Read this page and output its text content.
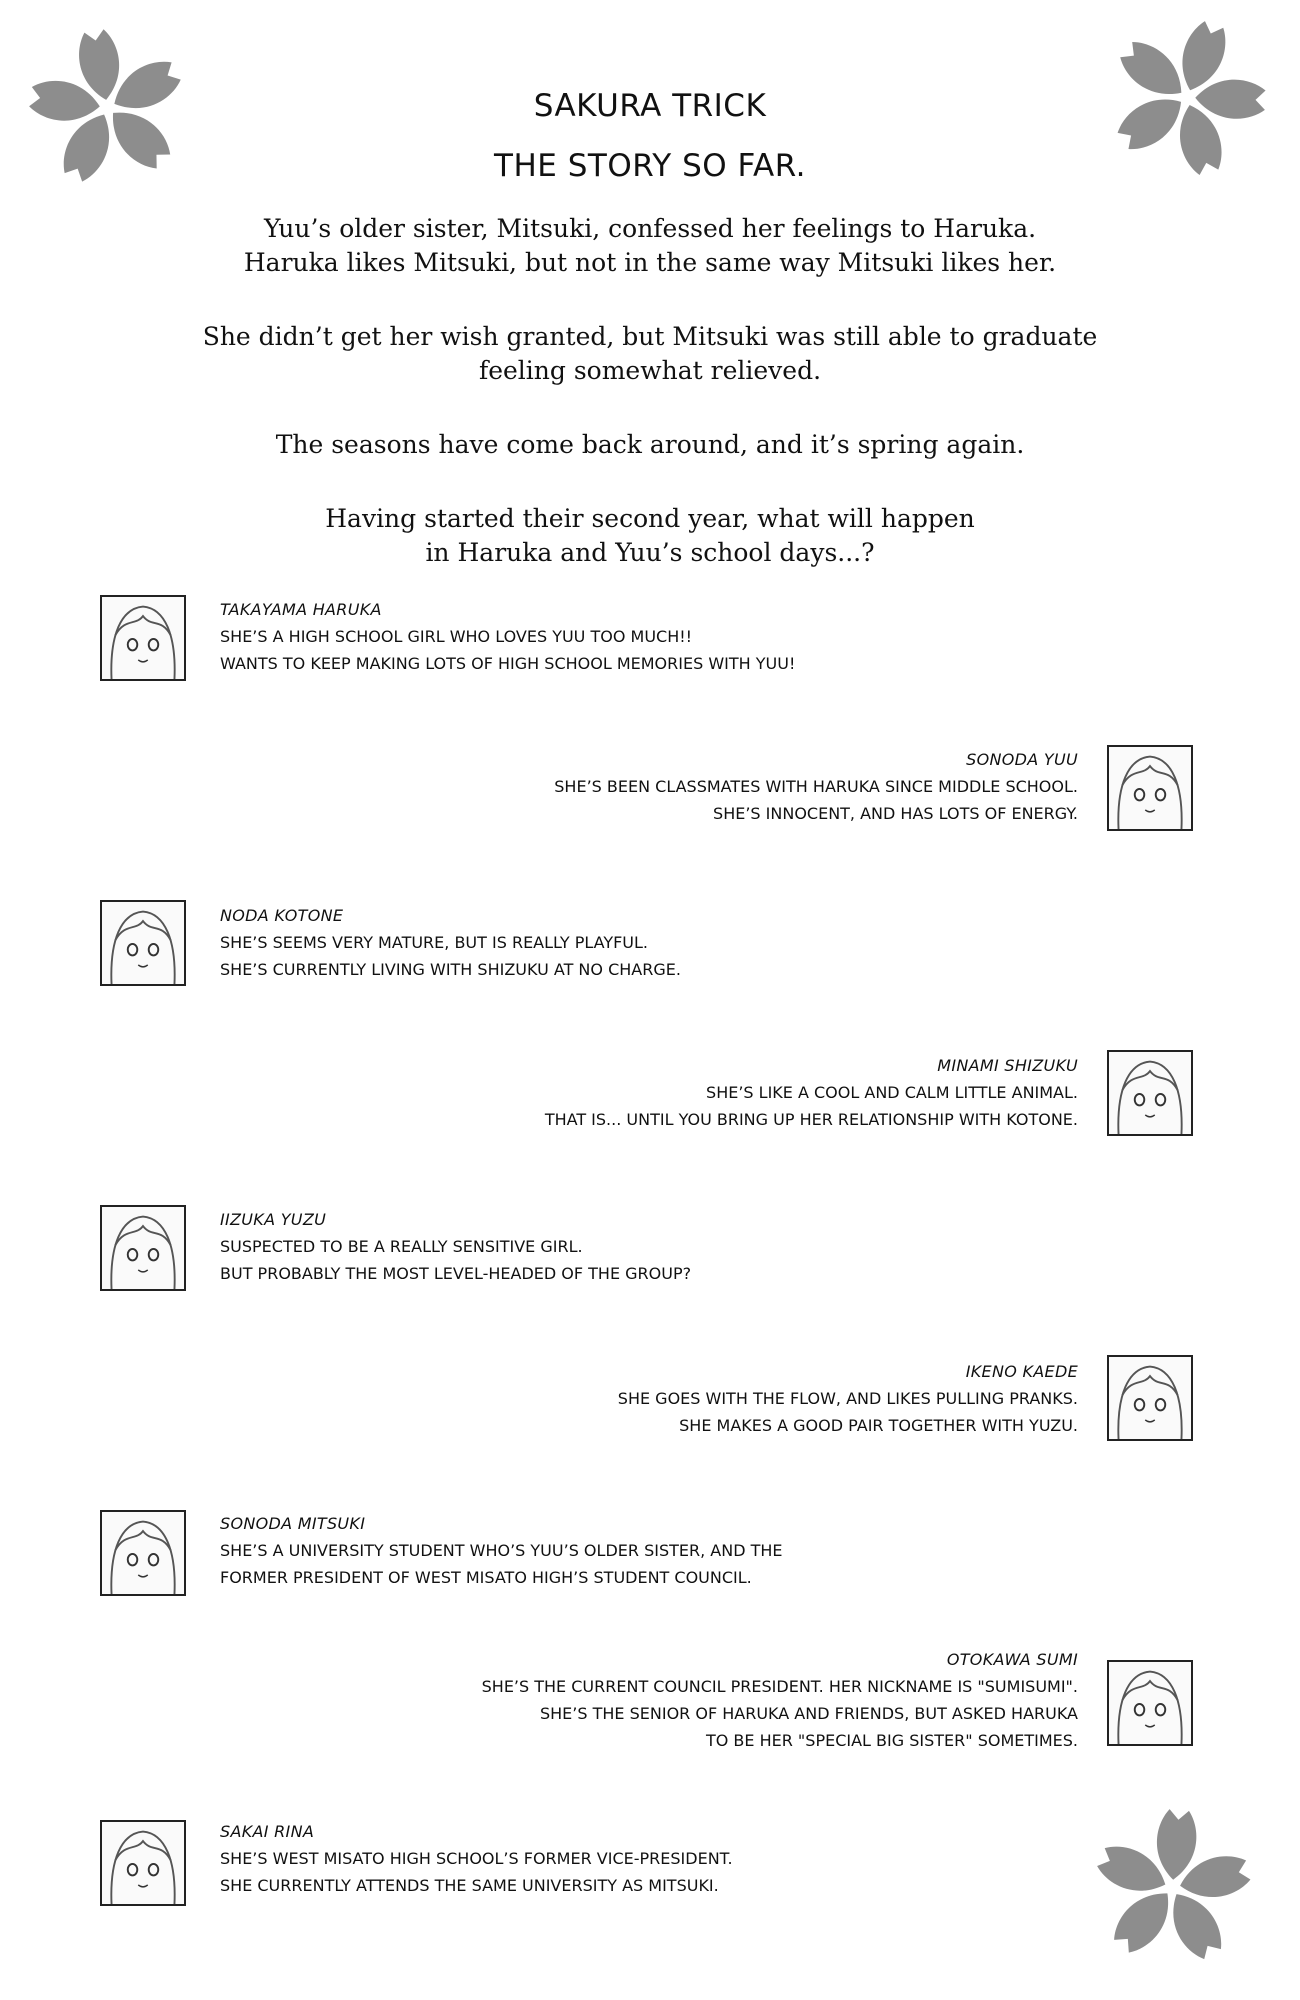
SAKURA TRICK
THE STORY SO FAR.
Yuu’s older sister, Mitsuki, confessed her feelings to Haruka.
Haruka likes Mitsuki, but not in the same way Mitsuki likes her.
She didn’t get her wish granted, but Mitsuki was still able to graduate
feeling somewhat relieved.
The seasons have come back around, and it’s spring again.
Having started their second year, what will happen
in Haruka and Yuu’s school days...?
TAKAYAMA HARUKA
SHE’S A HIGH SCHOOL GIRL WHO LOVES YUU TOO MUCH!!
WANTS TO KEEP MAKING LOTS OF HIGH SCHOOL MEMORIES WITH YUU!
SONODA YUU
SHE’S BEEN CLASSMATES WITH HARUKA SINCE MIDDLE SCHOOL.
SHE’S INNOCENT, AND HAS LOTS OF ENERGY.
NODA KOTONE
SHE’S SEEMS VERY MATURE, BUT IS REALLY PLAYFUL.
SHE’S CURRENTLY LIVING WITH SHIZUKU AT NO CHARGE.
MINAMI SHIZUKU
SHE’S LIKE A COOL AND CALM LITTLE ANIMAL.
THAT IS... UNTIL YOU BRING UP HER RELATIONSHIP WITH KOTONE.
IIZUKA YUZU
SUSPECTED TO BE A REALLY SENSITIVE GIRL.
BUT PROBABLY THE MOST LEVEL-HEADED OF THE GROUP?
IKENO KAEDE
SHE GOES WITH THE FLOW, AND LIKES PULLING PRANKS.
SHE MAKES A GOOD PAIR TOGETHER WITH YUZU.
SONODA MITSUKI
SHE’S A UNIVERSITY STUDENT WHO’S YUU’S OLDER SISTER, AND THE
FORMER PRESIDENT OF WEST MISATO HIGH’S STUDENT COUNCIL.
OTOKAWA SUMI
SHE’S THE CURRENT COUNCIL PRESIDENT. HER NICKNAME IS "SUMISUMI".
SHE’S THE SENIOR OF HARUKA AND FRIENDS, BUT ASKED HARUKA
TO BE HER "SPECIAL BIG SISTER" SOMETIMES.
SAKAI RINA
SHE’S WEST MISATO HIGH SCHOOL’S FORMER VICE-PRESIDENT.
SHE CURRENTLY ATTENDS THE SAME UNIVERSITY AS MITSUKI.
